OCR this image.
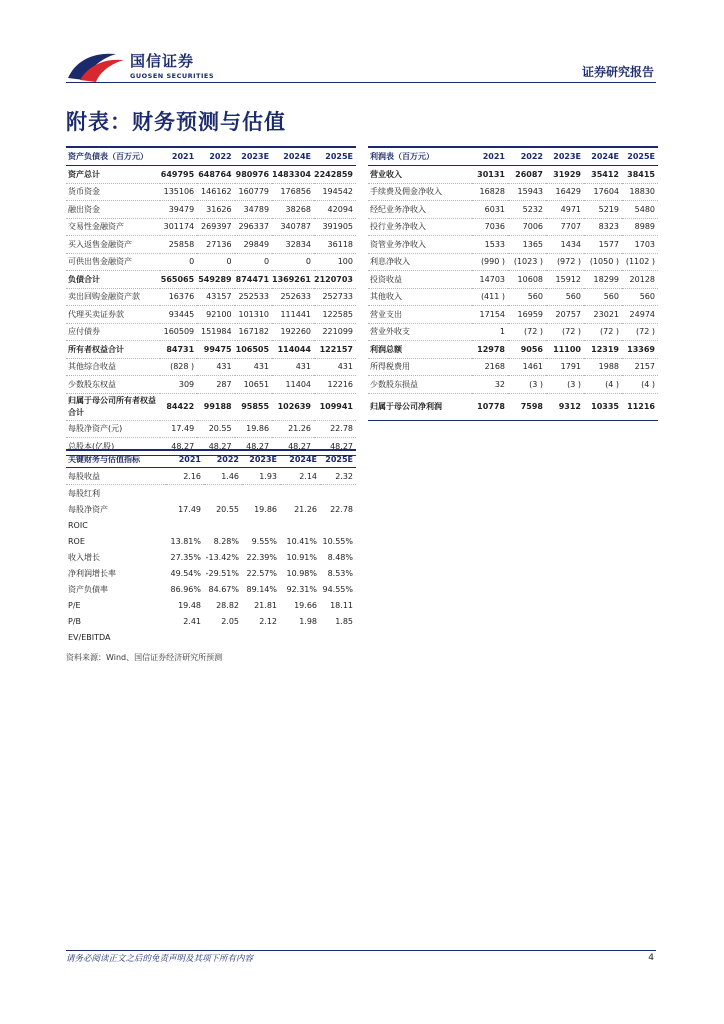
国信证券
GUOSEN SECURITIES	证券研究报告
附表：财务预测与估值
资产负债表（百万元）	2021	2022	2023E	2024E	2025E
资产总计	649795	648764	980976	1483304	2242859
货币资金	135106	146162	160779	176856	194542
融出资金	39479	31626	34789	38268	42094
交易性金融资产	301174	269397	296337	340787	391905
买入返售金融资产	25858	27136	29849	32834	36118
可供出售金融资产	0	0	0	0	100
负债合计	565065	549289	874471	1369261	2120703
卖出回购金融资产款	16376	43157	252533	252633	252733
代理买卖证券款	93445	92100	101310	111441	122585
应付债券	160509	151984	167182	192260	221099
所有者权益合计	84731	99475	106505	114044	122157
其他综合收益	(828 )	431	431	431	431
少数股东权益	309	287	10651	11404	12216
归属于母公司所有者权益合计	84422	99188	95855	102639	109941
每股净资产(元)	17.49	20.55	19.86	21.26	22.78
总股本(亿股)	48.27	48.27	48.27	48.27	48.27
利润表（百万元）	2021	2022	2023E	2024E	2025E
营业收入	30131	26087	31929	35412	38415
手续费及佣金净收入	16828	15943	16429	17604	18830
经纪业务净收入	6031	5232	4971	5219	5480
投行业务净收入	7036	7006	7707	8323	8989
资管业务净收入	1533	1365	1434	1577	1703
利息净收入	(990 )	(1023 )	(972 )	(1050 )	(1102 )
投资收益	14703	10608	15912	18299	20128
其他收入	(411 )	560	560	560	560
营业支出	17154	16959	20757	23021	24974
营业外收支	1	(72 )	(72 )	(72 )	(72 )
利润总额	12978	9056	11100	12319	13369
所得税费用	2168	1461	1791	1988	2157
少数股东损益	32	(3 )	(3 )	(4 )	(4 )
归属于母公司净利润	10778	7598	9312	10335	11216
关键财务与估值指标	2021	2022	2023E	2024E	2025E
每股收益	2.16	1.46	1.93	2.14	2.32
每股红利					
每股净资产	17.49	20.55	19.86	21.26	22.78
ROIC					
ROE	13.81%	8.28%	9.55%	10.41%	10.55%
收入增长	27.35%	-13.42%	22.39%	10.91%	8.48%
净利润增长率	49.54%	-29.51%	22.57%	10.98%	8.53%
资产负债率	86.96%	84.67%	89.14%	92.31%	94.55%
P/E	19.48	28.82	21.81	19.66	18.11
P/B	2.41	2.05	2.12	1.98	1.85
EV/EBITDA					
资料来源：Wind、国信证券经济研究所预测
请务必阅读正文之后的免责声明及其项下所有内容	4
